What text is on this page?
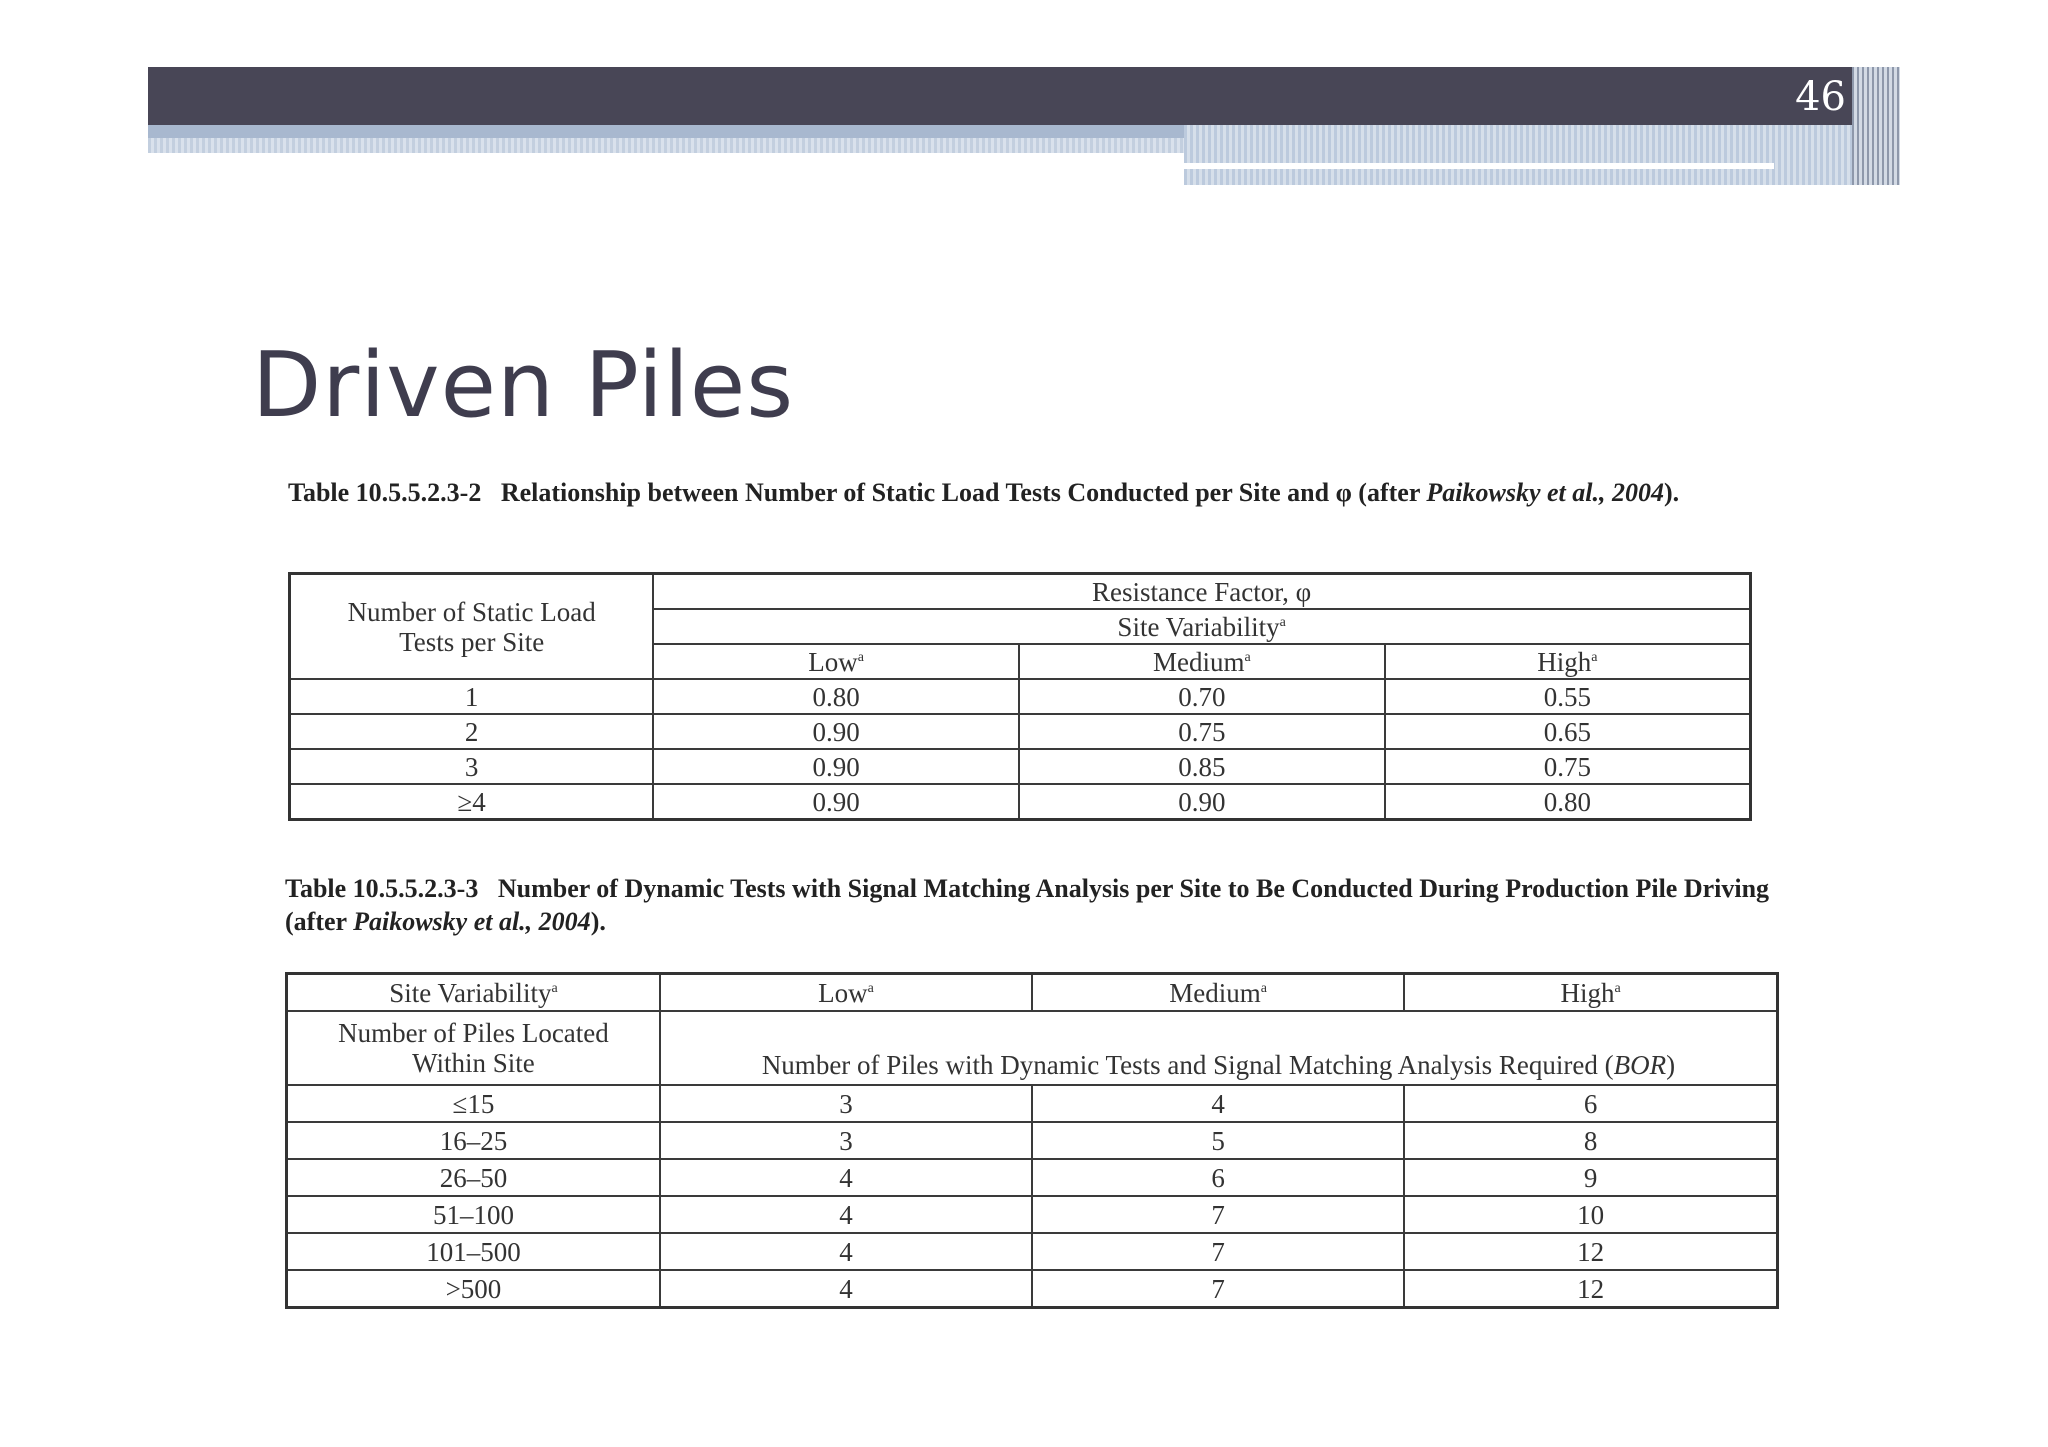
46
Driven Piles
Table 10.5.5.2.3-2 Relationship between Number of Static Load Tests Conducted per Site and φ (after Paikowsky et al., 2004).
Number of Static Load Tests per Site	Resistance Factor, φ		
	Site Variability$^a$
	Low$^a$	Medium$^a$	High$^a$
1	0.80	0.70	0.55
2	0.90	0.75	0.65
3	0.90	0.85	0.75
≥4	0.90	0.90	0.80
Table 10.5.5.2.3-3 Number of Dynamic Tests with Signal Matching Analysis per Site to Be Conducted During Production Pile Driving (after Paikowsky et al., 2004).
Site Variability$^a$	Low$^a$	Medium$^a$	High$^a$
Number of Piles Located Within Site	Number of Piles with Dynamic Tests and Signal Matching Analysis Required (BOR)		
≤15	3	4	6
16–25	3	5	8
26–50	4	6	9
51–100	4	7	10
101–500	4	7	12
>500	4	7	12
